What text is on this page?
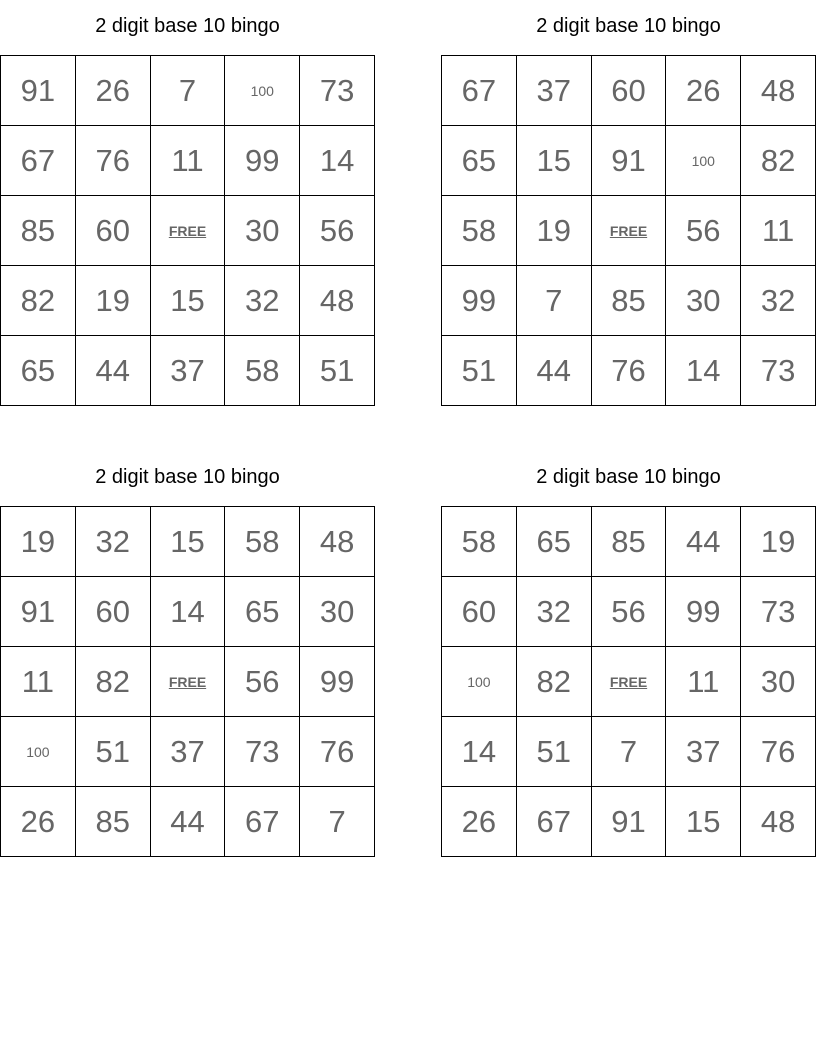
2 digit base 10 bingo
91	26	7	100	73
67	76	11	99	14
85	60	FREE	30	56
82	19	15	32	48
65	44	37	58	51
2 digit base 10 bingo
67	37	60	26	48
65	15	91	100	82
58	19	FREE	56	11
99	7	85	30	32
51	44	76	14	73
2 digit base 10 bingo
19	32	15	58	48
91	60	14	65	30
11	82	FREE	56	99
100	51	37	73	76
26	85	44	67	7
2 digit base 10 bingo
58	65	85	44	19
60	32	56	99	73
100	82	FREE	11	30
14	51	7	37	76
26	67	91	15	48
